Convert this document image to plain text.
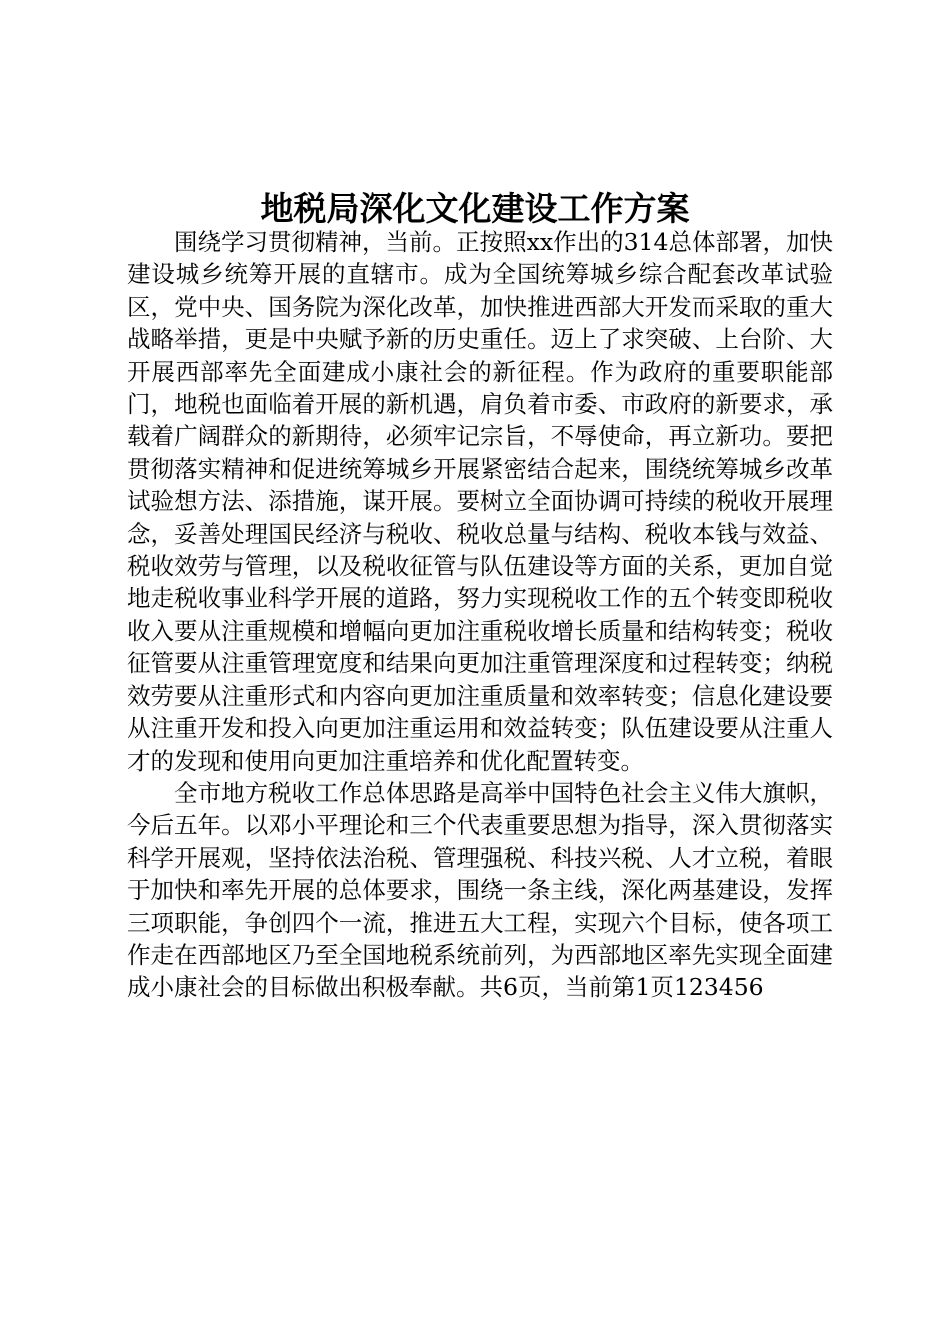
地税局深化文化建设工作方案

围绕学习贯彻精神，当前。正按照xx作出的314总体部署，加快建设城乡统筹开展的直辖市。成为全国统筹城乡综合配套改革试验区，党中央、国务院为深化改革，加快推进西部大开发而采取的重大战略举措，更是中央赋予新的历史重任。迈上了求突破、上台阶、大开展西部率先全面建成小康社会的新征程。作为政府的重要职能部门，地税也面临着开展的新机遇，肩负着市委、市政府的新要求，承载着广阔群众的新期待，必须牢记宗旨，不辱使命，再立新功。要把贯彻落实精神和促进统筹城乡开展紧密结合起来，围绕统筹城乡改革试验想方法、添措施，谋开展。要树立全面协调可持续的税收开展理念，妥善处理国民经济与税收、税收总量与结构、税收本钱与效益、税收效劳与管理，以及税收征管与队伍建设等方面的关系，更加自觉地走税收事业科学开展的道路，努力实现税收工作的五个转变即税收收入要从注重规模和增幅向更加注重税收增长质量和结构转变；税收征管要从注重管理宽度和结果向更加注重管理深度和过程转变；纳税效劳要从注重形式和内容向更加注重质量和效率转变；信息化建设要从注重开发和投入向更加注重运用和效益转变；队伍建设要从注重人才的发现和使用向更加注重培养和优化配置转变。

全市地方税收工作总体思路是高举中国特色社会主义伟大旗帜，今后五年。以邓小平理论和三个代表重要思想为指导，深入贯彻落实科学开展观，坚持依法治税、管理强税、科技兴税、人才立税，着眼于加快和率先开展的总体要求，围绕一条主线，深化两基建设，发挥三项职能，争创四个一流，推进五大工程，实现六个目标，使各项工作走在西部地区乃至全国地税系统前列，为西部地区率先实现全面建成小康社会的目标做出积极奉献。共6页，当前第1页123456
